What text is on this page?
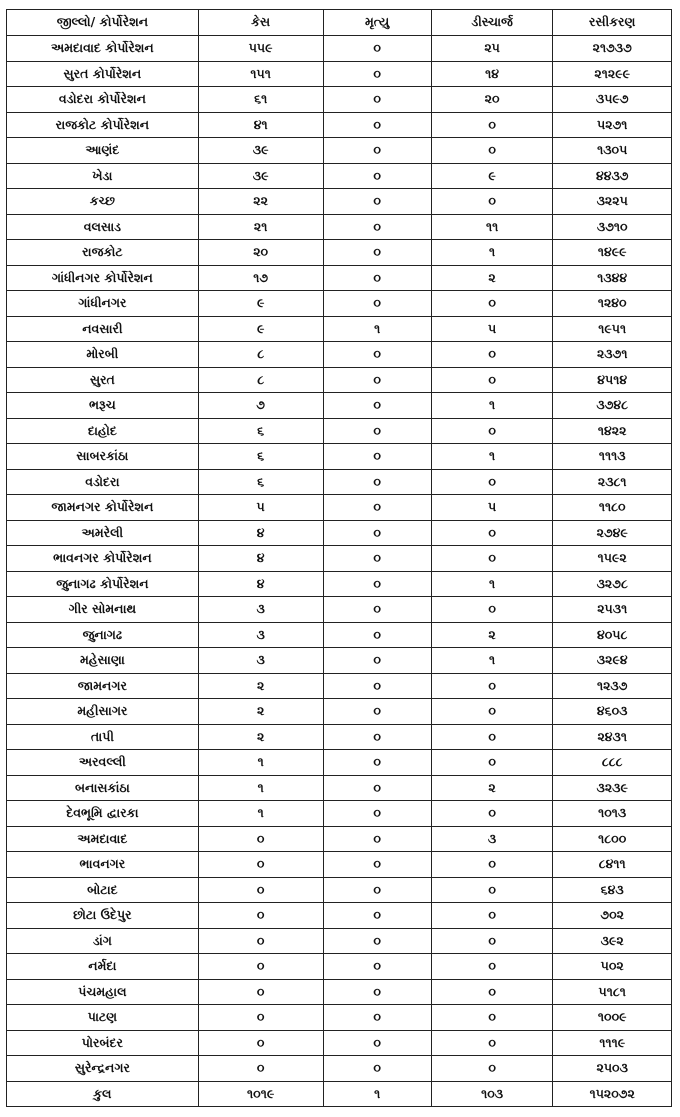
જીલ્લો/ કોર્પોરેશન	કેસ	મૃત્યુ	ડીસ્ચાર્જ	રસીકરણ
અમદાવાદ કોર્પોરેશન	૫૫૯	૦	૨૫	૨૧૭૩૭
સુરત કોર્પોરેશન	૧૫૧	૦	૧૪	૨૧૨૯૯
વડોદરા કોર્પોરેશન	૬૧	૦	૨૦	૩૫૯૭
રાજકોટ કોર્પોરેશન	૪૧	૦	૦	૫૨૭૧
આણંદ	૩૯	૦	૦	૧૩૦૫
ખેડા	૩૯	૦	૯	૪૪૩૭
કચ્છ	૨૨	૦	૦	૩૨૨૫
વલસાડ	૨૧	૦	૧૧	૩૭૧૦
રાજકોટ	૨૦	૦	૧	૧૪૯૯
ગાંધીનગર કોર્પોરેશન	૧૭	૦	૨	૧૩૪૪
ગાંધીનગર	૯	૦	૦	૧૨૪૦
નવસારી	૯	૧	૫	૧૯૫૧
મોરબી	૮	૦	૦	૨૩૭૧
સુરત	૮	૦	૦	૪૫૧૪
ભરૂચ	૭	૦	૧	૩૭૪૮
દાહોદ	૬	૦	૦	૧૪૨૨
સાબરકાંઠા	૬	૦	૧	૧૧૧૩
વડોદરા	૬	૦	૦	૨૩૮૧
જામનગર કોર્પોરેશન	૫	૦	૫	૧૧૮૦
અમરેલી	૪	૦	૦	૨૭૪૯
ભાવનગર કોર્પોરેશન	૪	૦	૦	૧૫૯૨
જુનાગઢ કોર્પોરેશન	૪	૦	૧	૩૨૭૮
ગીર સોમનાથ	૩	૦	૦	૨૫૩૧
જુનાગઢ	૩	૦	૨	૪૦૫૮
મહેસાણા	૩	૦	૧	૩૨૯૪
જામનગર	૨	૦	૦	૧૨૩૭
મહીસાગર	૨	૦	૦	૪૬૦૩
તાપી	૨	૦	૦	૨૪૩૧
અરવલ્લી	૧	૦	૦	૮૮૮
બનાસકાંઠા	૧	૦	૨	૩૨૩૯
દેવભૂમિ દ્વારકા	૧	૦	૦	૧૦૧૩
અમદાવાદ	૦	૦	૩	૧૮૦૦
ભાવનગર	૦	૦	૦	૮૪૧૧
બોટાદ	૦	૦	૦	૬૪૩
છોટા ઉદેપુર	૦	૦	૦	૭૦૨
ડાંગ	૦	૦	૦	૩૯૨
નર્મદા	૦	૦	૦	૫૦૨
પંચમહાલ	૦	૦	૦	૫૧૮૧
પાટણ	૦	૦	૦	૧૦૦૯
પોરબંદર	૦	૦	૦	૧૧૧૯
સુરેન્દ્રનગર	૦	૦	૦	૨૫૦૩
કુલ	૧૦૧૯	૧	૧૦૩	૧૫૨૦૭૨
